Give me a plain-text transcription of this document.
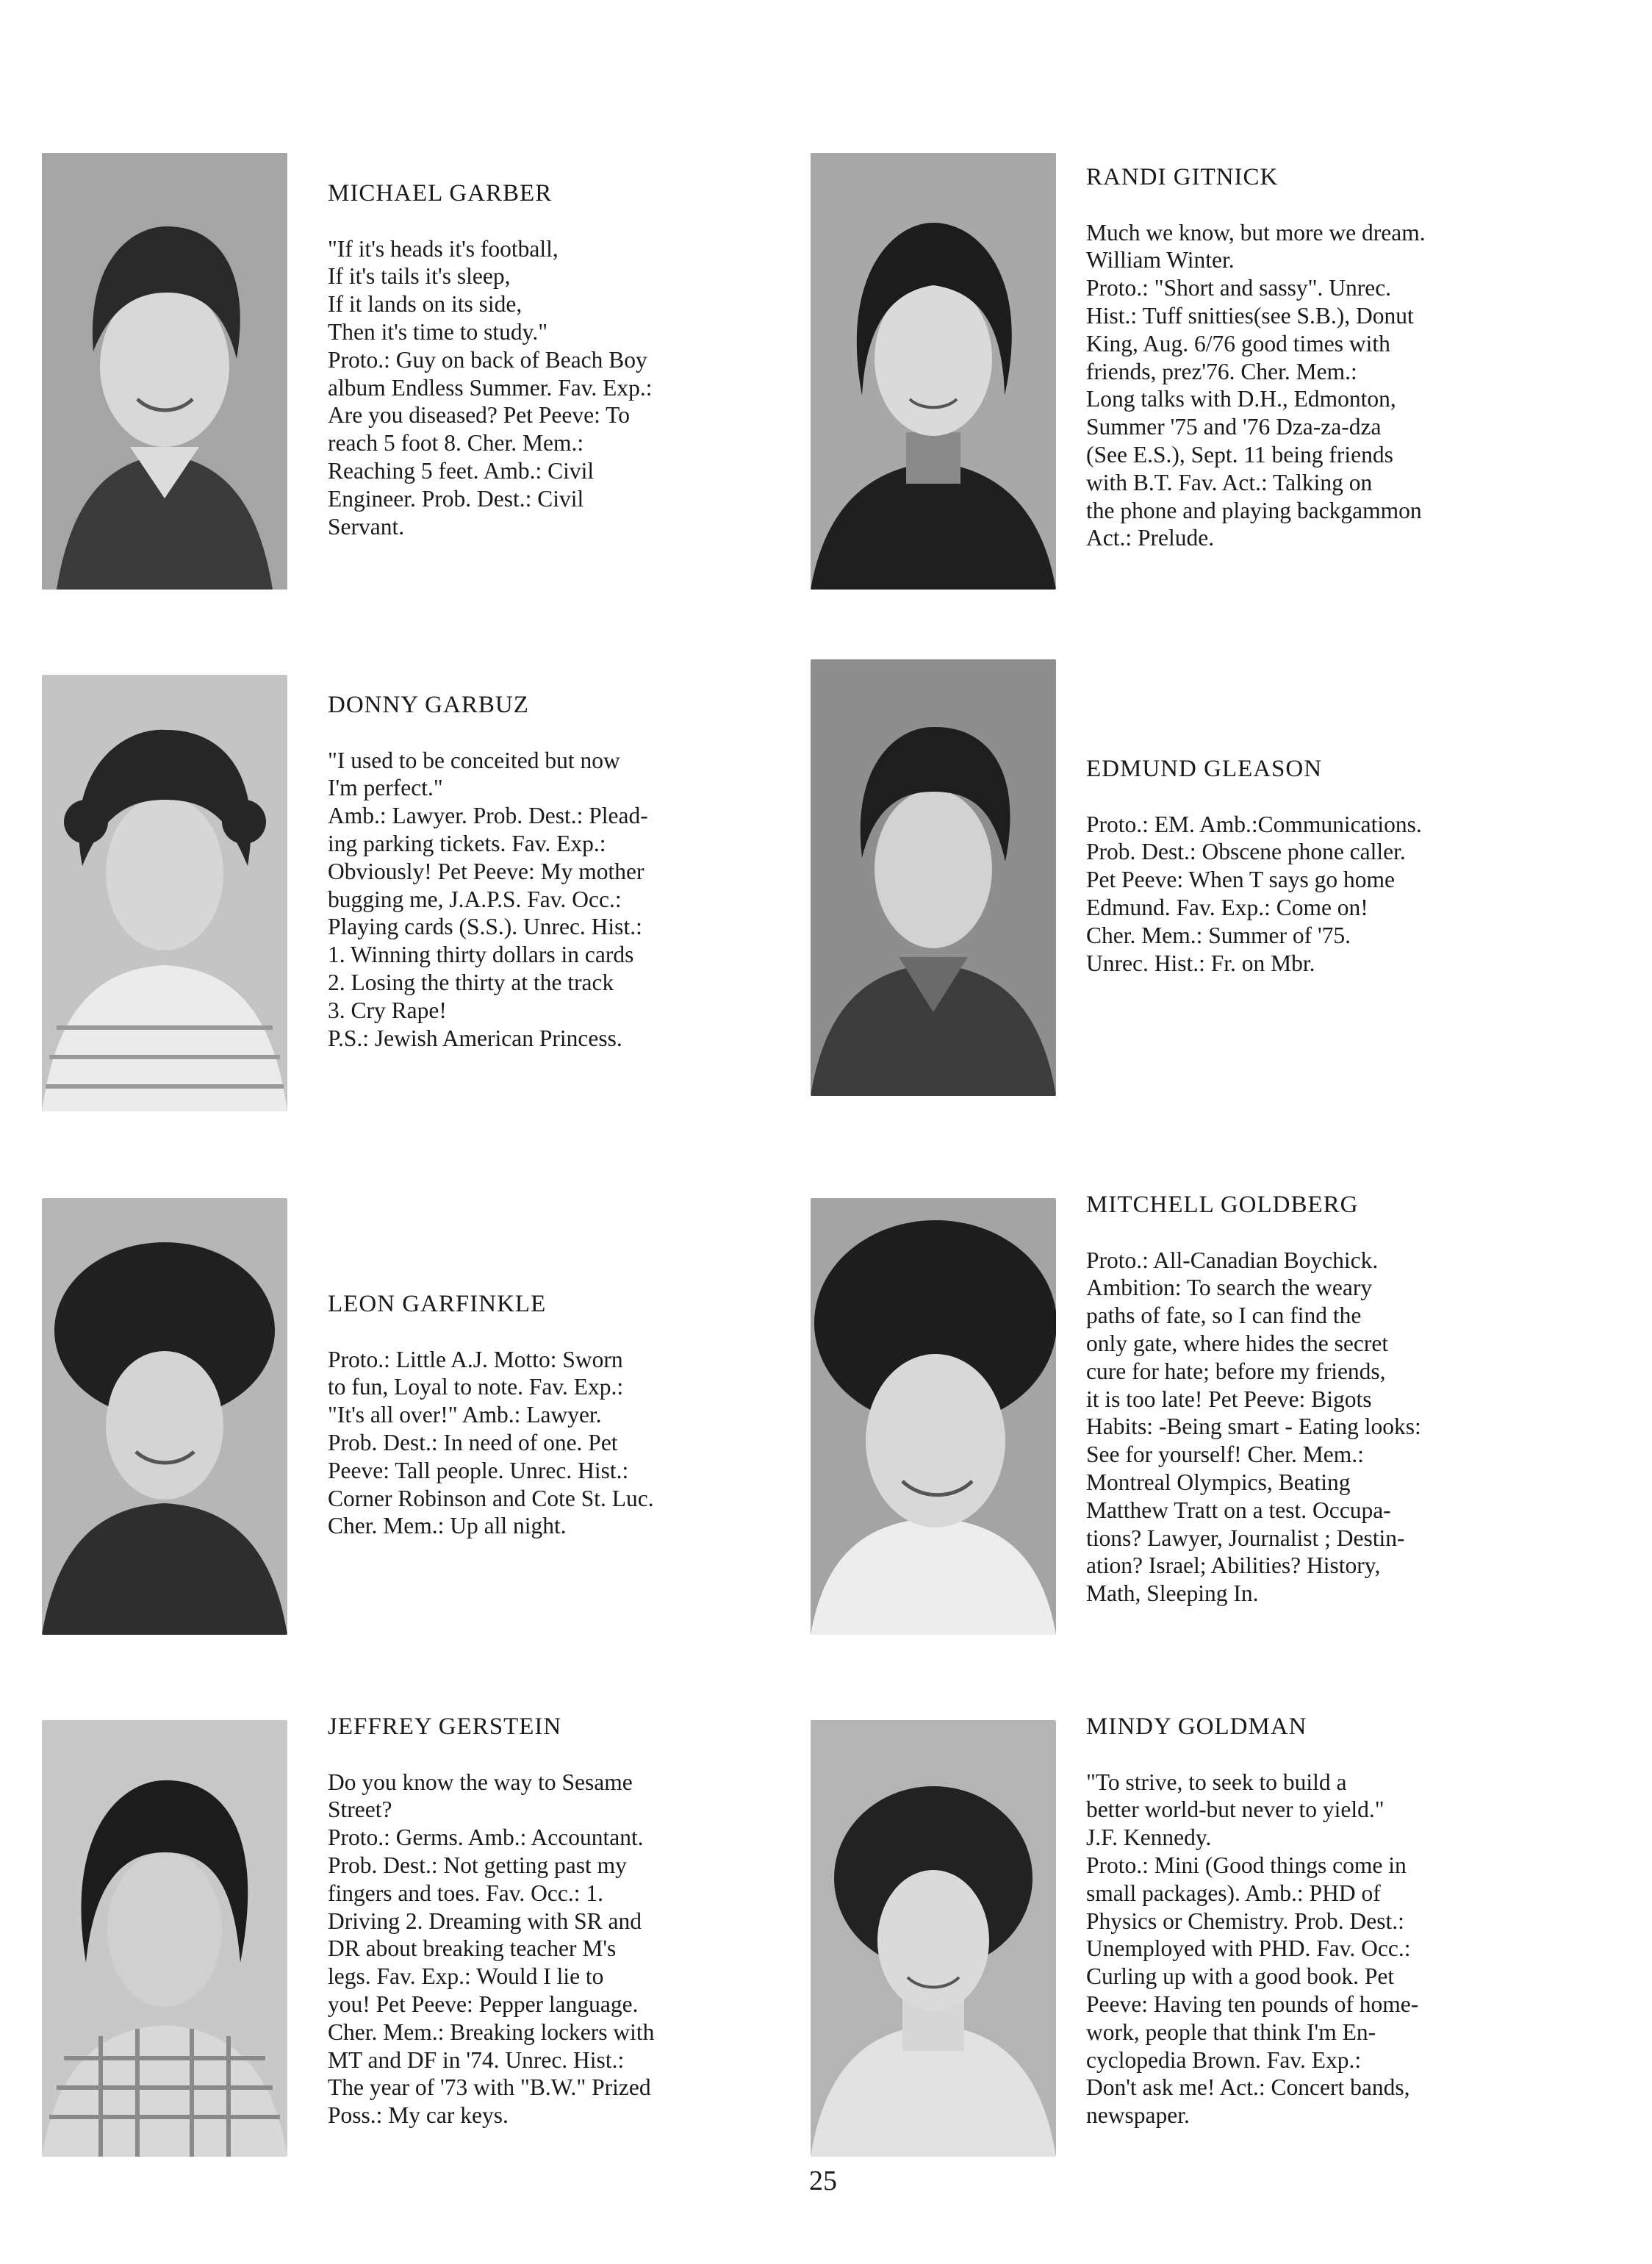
MICHAEL GARBER
"If it's heads it's football,
If it's tails it's sleep,
If it lands on its side,
Then it's time to study."
Proto.: Guy on back of Beach Boy
album Endless Summer. Fav. Exp.:
Are you diseased? Pet Peeve: To
reach 5 foot 8. Cher. Mem.:
Reaching 5 feet. Amb.: Civil
Engineer. Prob. Dest.: Civil
Servant.
RANDI GITNICK
Much we know, but more we dream.
William Winter.
Proto.: "Short and sassy". Unrec.
Hist.: Tuff snitties(see S.B.), Donut
King, Aug. 6/76 good times with
friends, prez'76. Cher. Mem.:
Long talks with D.H., Edmonton,
Summer '75 and '76 Dza-za-dza
(See E.S.), Sept. 11 being friends
with B.T. Fav. Act.: Talking on
the phone and playing backgammon
Act.: Prelude.
DONNY GARBUZ
"I used to be conceited but now
I'm perfect."
Amb.: Lawyer. Prob. Dest.: Plead-
ing parking tickets. Fav. Exp.:
Obviously! Pet Peeve: My mother
bugging me, J.A.P.S. Fav. Occ.:
Playing cards (S.S.). Unrec. Hist.:
1. Winning thirty dollars in cards
2. Losing the thirty at the track
3. Cry Rape!
P.S.: Jewish American Princess.
EDMUND GLEASON
Proto.: EM. Amb.:Communications.
Prob. Dest.: Obscene phone caller.
Pet Peeve: When T says go home
Edmund. Fav. Exp.: Come on!
Cher. Mem.: Summer of '75.
Unrec. Hist.: Fr. on Mbr.
LEON GARFINKLE
Proto.: Little A.J. Motto: Sworn
to fun, Loyal to note. Fav. Exp.:
"It's all over!" Amb.: Lawyer.
Prob. Dest.: In need of one. Pet
Peeve: Tall people. Unrec. Hist.:
Corner Robinson and Cote St. Luc.
Cher. Mem.: Up all night.
MITCHELL GOLDBERG
Proto.: All-Canadian Boychick.
Ambition: To search the weary
paths of fate, so I can find the
only gate, where hides the secret
cure for hate; before my friends,
it is too late! Pet Peeve: Bigots
Habits: -Being smart - Eating looks:
See for yourself! Cher. Mem.:
Montreal Olympics, Beating
Matthew Tratt on a test. Occupa-
tions? Lawyer, Journalist ; Destin-
ation? Israel; Abilities? History,
Math, Sleeping In.
JEFFREY GERSTEIN
Do you know the way to Sesame
Street?
Proto.: Germs. Amb.: Accountant.
Prob. Dest.: Not getting past my
fingers and toes. Fav. Occ.: 1.
Driving 2. Dreaming with SR and
DR about breaking teacher M's
legs. Fav. Exp.: Would I lie to
you! Pet Peeve: Pepper language.
Cher. Mem.: Breaking lockers with
MT and DF in '74. Unrec. Hist.:
The year of '73 with "B.W." Prized
Poss.: My car keys.
MINDY GOLDMAN
"To strive, to seek to build a
better world-but never to yield."
J.F. Kennedy.
Proto.: Mini (Good things come in
small packages). Amb.: PHD of
Physics or Chemistry. Prob. Dest.:
Unemployed with PHD. Fav. Occ.:
Curling up with a good book. Pet
Peeve: Having ten pounds of home-
work, people that think I'm En-
cyclopedia Brown. Fav. Exp.:
Don't ask me! Act.: Concert bands,
newspaper.
25
